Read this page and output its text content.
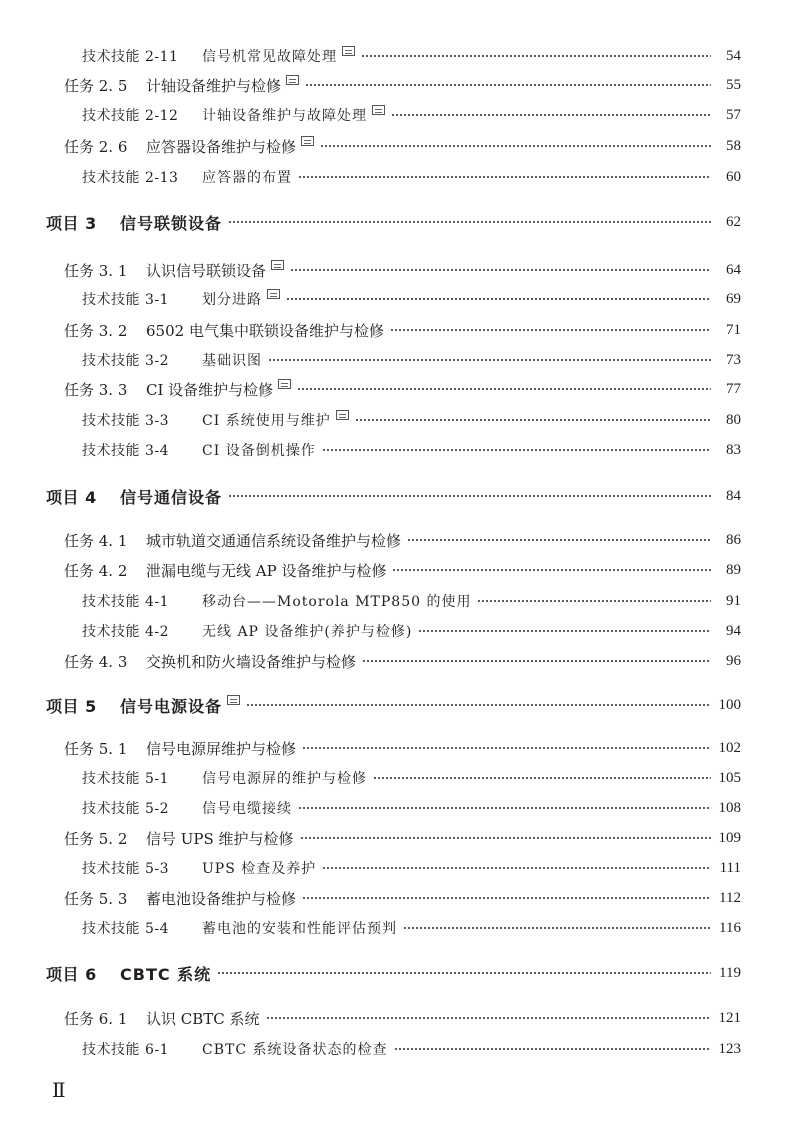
技术技能 2-11	信号机常见故障处理	54
任务 2. 5	计轴设备维护与检修	55
技术技能 2-12	计轴设备维护与故障处理	57
任务 2. 6	应答器设备维护与检修	58
技术技能 2-13	应答器的布置	60
项目 3	信号联锁设备	62
任务 3. 1	认识信号联锁设备	64
技术技能 3-1	划分进路	69
任务 3. 2	6502 电气集中联锁设备维护与检修	71
技术技能 3-2	基础识图	73
任务 3. 3	CI 设备维护与检修	77
技术技能 3-3	CI 系统使用与维护	80
技术技能 3-4	CI 设备倒机操作	83
项目 4	信号通信设备	84
任务 4. 1	城市轨道交通通信系统设备维护与检修	86
任务 4. 2	泄漏电缆与无线 AP 设备维护与检修	89
技术技能 4-1	移动台——Motorola MTP850 的使用	91
技术技能 4-2	无线 AP 设备维护(养护与检修)	94
任务 4. 3	交换机和防火墙设备维护与检修	96
项目 5	信号电源设备	100
任务 5. 1	信号电源屏维护与检修	102
技术技能 5-1	信号电源屏的维护与检修	105
技术技能 5-2	信号电缆接续	108
任务 5. 2	信号 UPS 维护与检修	109
技术技能 5-3	UPS 检查及养护	111
任务 5. 3	蓄电池设备维护与检修	112
技术技能 5-4	蓄电池的安装和性能评估预判	116
项目 6	CBTC 系统	119
任务 6. 1	认识 CBTC 系统	121
技术技能 6-1	CBTC 系统设备状态的检查	123
Ⅱ
